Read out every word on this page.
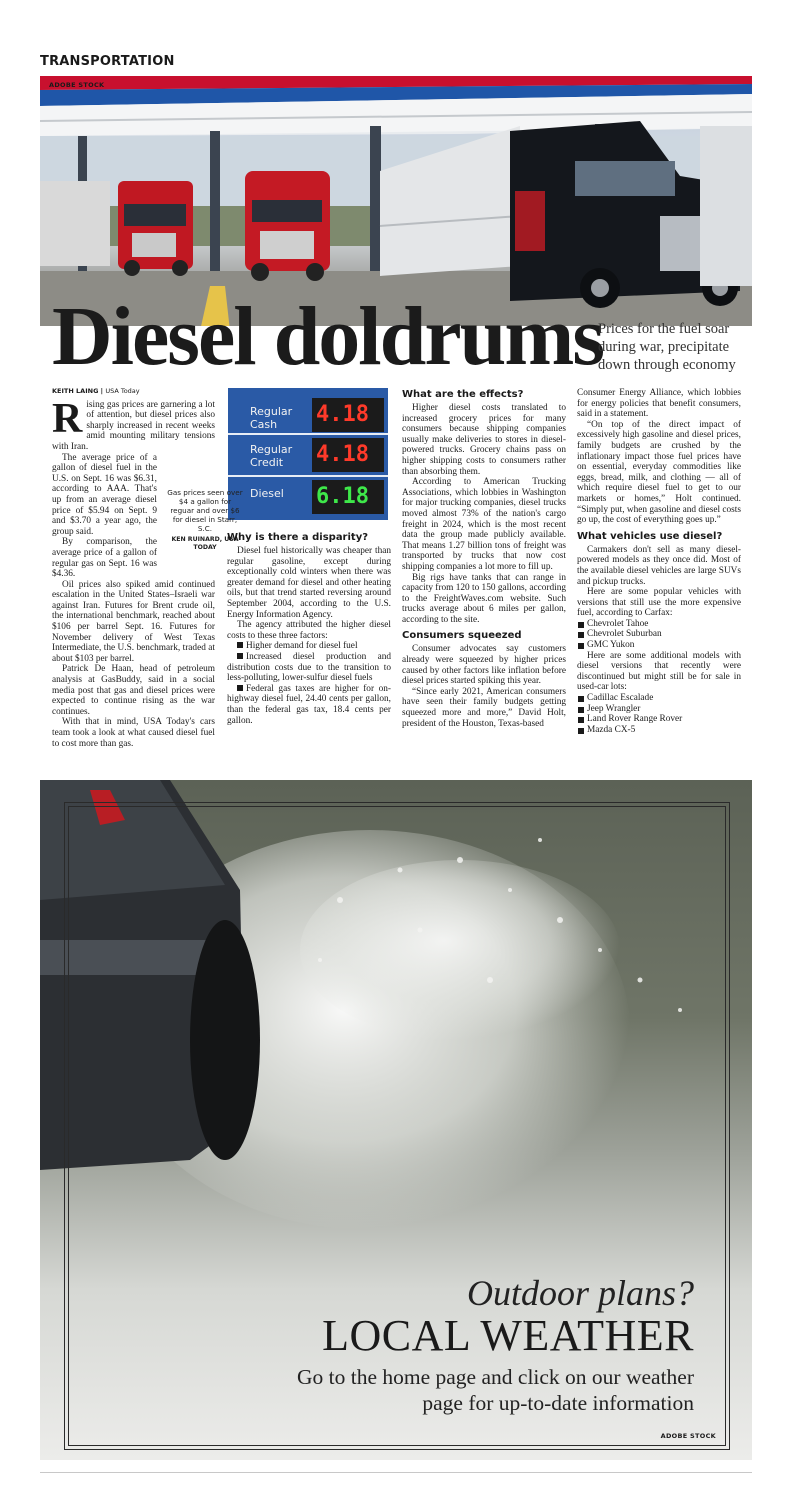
TRANSPORTATION
ADOBE STOCK
Diesel doldrums
Prices for the fuel soar during war, precipitate down through economy
KEITH LAING | USA Today

Rising gas prices are garnering a lot of attention, but diesel prices also sharply increased in recent weeks amid mounting military tensions with Iran.

The average price of a gallon of diesel fuel in the U.S. on Sept. 16 was $6.31, according to AAA. That's up from an average diesel price of $5.94 on Sept. 9 and $3.70 a year ago, the group said.

By comparison, the average price of a gallon of regular gas on Sept. 16 was $4.36.

Oil prices also spiked amid continued escalation in the United States–Israeli war against Iran. Futures for Brent crude oil, the international benchmark, reached about $106 per barrel Sept. 16. Futures for November delivery of West Texas Intermediate, the U.S. benchmark, traded at about $103 per barrel.

Patrick De Haan, head of petroleum analysis at GasBuddy, said in a social media post that gas and diesel prices were expected to continue rising as the war continues.

With that in mind, USA Today's cars team took a look at what caused diesel fuel to cost more than gas.

Regular
Cash
Regular
Credit
Diesel
4.18
4.18
6.18
Gas prices seen over $4 a gallon for reguar and over $6 for diesel in Starr, S.C.
KEN RUINARD, USA TODAY
Why is there a disparity?

Diesel fuel historically was cheaper than regular gasoline, except during exceptionally cold winters when there was greater demand for diesel and other heating oils, but that trend started reversing around September 2004, according to the U.S. Energy Information Agency.

The agency attributed the higher diesel costs to these three factors:

Higher demand for diesel fuel

Increased diesel production and distribution costs due to the transition to less-polluting, lower-sulfur diesel fuels

Federal gas taxes are higher for on-highway diesel fuel, 24.40 cents per gallon, than the federal gas tax, 18.4 cents per gallon.

What are the effects?

Higher diesel costs translated to increased grocery prices for many consumers because shipping companies usually make deliveries to stores in diesel-powered trucks. Grocery chains pass on higher shipping costs to consumers rather than absorbing them.

According to American Trucking Associations, which lobbies in Washington for major trucking companies, diesel trucks moved almost 73% of the nation's cargo freight in 2024, which is the most recent data the group made publicly available. That means 1.27 billion tons of freight was transported by trucks that now cost shipping companies a lot more to fill up.

Big rigs have tanks that can range in capacity from 120 to 150 gallons, according to the FreightWaves.com website. Such trucks average about 6 miles per gallon, according to the site.

Consumers squeezed

Consumer advocates say customers already were squeezed by higher prices caused by other factors like inflation before diesel prices started spiking this year.

“Since early 2021, American consumers have seen their family budgets getting squeezed more and more,” David Holt, president of the Houston, Texas-based

Consumer Energy Alliance, which lobbies for energy policies that benefit consumers, said in a statement.

“On top of the direct impact of excessively high gasoline and diesel prices, family budgets are crushed by the inflationary impact those fuel prices have on essential, everyday commodities like eggs, bread, milk, and clothing — all of which require diesel fuel to get to our markets or homes,” Holt continued. “Simply put, when gasoline and diesel costs go up, the cost of everything goes up.”

What vehicles use diesel?

Carmakers don't sell as many diesel-powered models as they once did. Most of the available diesel vehicles are large SUVs and pickup trucks.

Here are some popular vehicles with versions that still use the more expensive fuel, according to Carfax:

Chevrolet Tahoe

Chevrolet Suburban

GMC Yukon

Here are some additional models with diesel versions that recently were discontinued but might still be for sale in used-car lots:

Cadillac Escalade

Jeep Wrangler

Land Rover Range Rover

Mazda CX-5

Outdoor plans?
LOCAL WEATHER
Go to the home page and click on our weather page for up-to-date information
ADOBE STOCK
